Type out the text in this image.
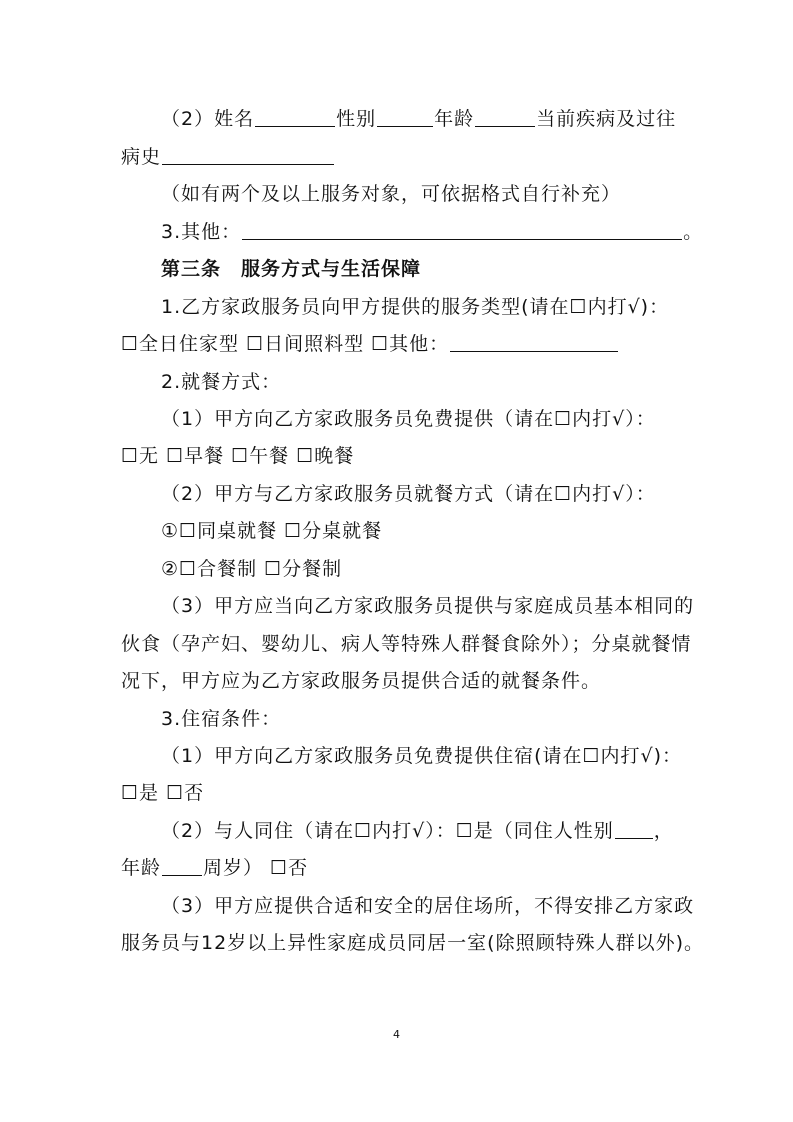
（2）姓名	性别	年龄	当前疾病及过往
病史
（如有两个及以上服务对象，可依据格式自行补充）
3.其他：	。
第三条　服务方式与生活保障
1.乙方家政服务员向甲方提供的服务类型(请在☐内打√)：
☐全日住家型 ☐日间照料型 ☐其他：
2.就餐方式：
（1）甲方向乙方家政服务员免费提供（请在☐内打√）：
☐无 ☐早餐 ☐午餐 ☐晚餐
（2）甲方与乙方家政服务员就餐方式（请在☐内打√）：
①☐同桌就餐 ☐分桌就餐
②☐合餐制 ☐分餐制
（3）甲方应当向乙方家政服务员提供与家庭成员基本相同的
伙食（孕产妇、婴幼儿、病人等特殊人群餐食除外）；分桌就餐情
况下，甲方应为乙方家政服务员提供合适的就餐条件。
3.住宿条件：
（1）甲方向乙方家政服务员免费提供住宿(请在☐内打√)：
☐是 ☐否
（2）与人同住（请在☐内打√）：☐是（同住人性别 ，
年龄 周岁） ☐否
（3）甲方应提供合适和安全的居住场所，不得安排乙方家政
服务员与12岁以上异性家庭成员同居一室(除照顾特殊人群以外)。
4
